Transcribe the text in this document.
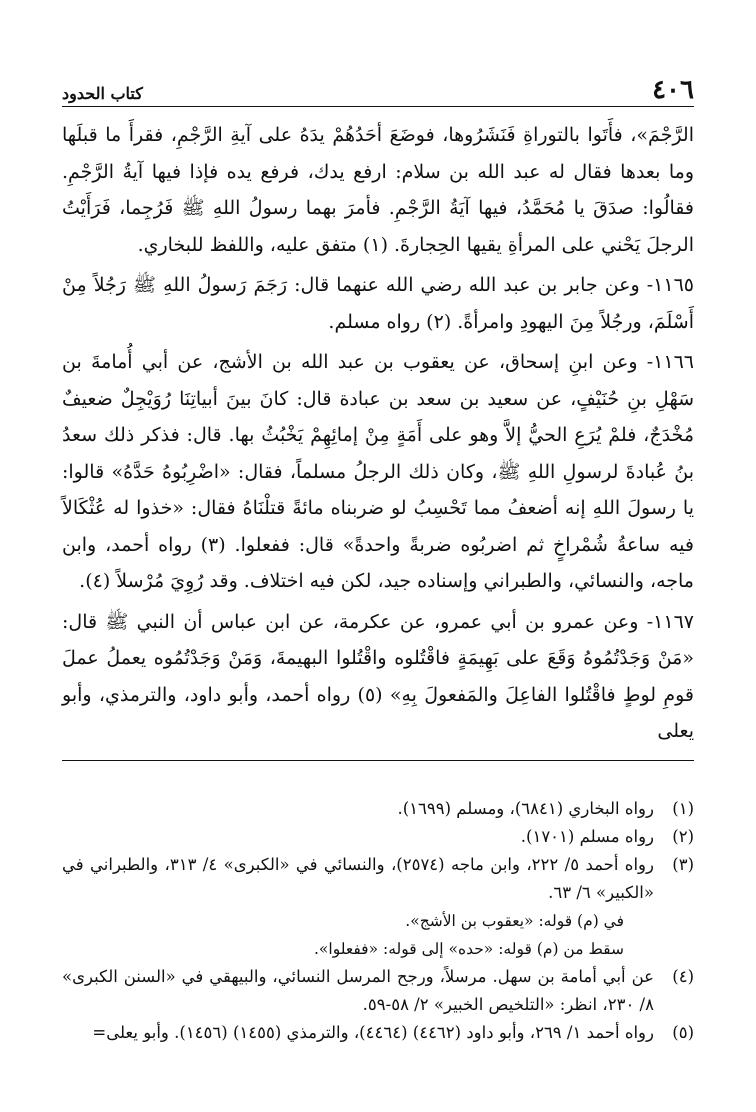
٤٠٦
كتاب الحدود

الرَّجْمَ»، فأَتَوا بالتوراةِ فَنَشَرُوها، فوضَعَ أحَدُهُمْ يدَهُ على آيةِ الرَّجْمِ، فقرأَ ما قبلَها وما بعدها فقال له عبد الله بن سلام: ارفع يدك، فرفع يده فإذا فيها آيةُ الرَّجْمِ. فقالُوا: صدَقَ يا مُحَمَّدُ، فيها آيَةُ الرَّجْمِ. فأمرَ بهما رسولُ اللهِ ﷺ فَرُجِما، فَرَأَيْتُ الرجلَ يَحْني على المرأةِ يقيها الحِجارةَ. (١) متفق عليه، واللفظ للبخاري.

١١٦٥- وعن جابر بن عبد الله رضي الله عنهما قال: رَجَمَ رَسولُ اللهِ ﷺ رَجُلاً مِنْ أَسْلَمَ، ورجُلاً مِنَ اليهودِ وامرأةً. (٢) رواه مسلم.

١١٦٦- وعن ابنِ إسحاق، عن يعقوب بن عبد الله بن الأشج، عن أبي أُمامةَ بن سَهْلِ بنِ حُنَيْفٍ، عن سعيد بن سعد بن عبادة قال: كانَ بينَ أبياتِنَا رُوَيْجِلٌ ضعيفٌ مُخْدَجٌ، فلمْ يُرَعِ الحيُّ إلاَّ وهو على أَمَةٍ مِنْ إمائِهِمْ يَخْبُثُ بها. قال: فذكر ذلك سعدُ بنُ عُبادةَ لرسولِ اللهِ ﷺ، وكان ذلك الرجلُ مسلماً، فقال: «اضْرِبُوهُ حَدَّهُ» قالوا: يا رسولَ اللهِ إنه أضعفُ مما تَحْسِبُ لو ضربناه مائةً قتلْنَاهُ فقال: «خذوا له عُثْكَالاً فيه ساعةُ شُمْراخٍ ثم اضربُوه ضربةً واحدةً» قال: ففعلوا. (٣) رواه أحمد، وابن ماجه، والنسائي، والطبراني وإسناده جيد، لكن فيه اختلاف. وقد رُوِيَ مُرْسلاً (٤).

١١٦٧- وعن عمرو بن أبي عمرو، عن عكرمة، عن ابن عباس أن النبي ﷺ قال: «مَنْ وَجَدْتُمُوهُ وَقَعَ على بَهِيمَةٍ فاقْتُلوه واقْتُلوا البهيمةَ، وَمَنْ وَجَدْتُمُوه يعملُ عملَ قومِ لوطٍ فاقْتُلوا الفاعِلَ والمَفعولَ بِهِ» (٥) رواه أحمد، وأبو داود، والترمذي، وأبو يعلى

(١)
رواه البخاري (٦٨٤١)، ومسلم (١٦٩٩).
(٢)
رواه مسلم (١٧٠١).
(٣)
رواه أحمد ٥/ ٢٢٢، وابن ماجه (٢٥٧٤)، والنسائي في «الكبرى» ٤/ ٣١٣، والطبراني في «الكبير» ٦/ ٦٣.
في (م) قوله: «يعقوب بن الأشج».
سقط من (م) قوله: «حده» إلى قوله: «ففعلوا».
(٤)
عن أبي أمامة بن سهل. مرسلاً، ورجح المرسل النسائي، والبيهقي في «السنن الكبرى» ٨/ ٢٣٠، انظر: «التلخيص الخبير» ٢/ ٥٨-٥٩.
(٥)
رواه أحمد ١/ ٢٦٩، وأبو داود (٤٤٦٢) (٤٤٦٤)، والترمذي (١٤٥٥) (١٤٥٦). وأبو يعلى=
